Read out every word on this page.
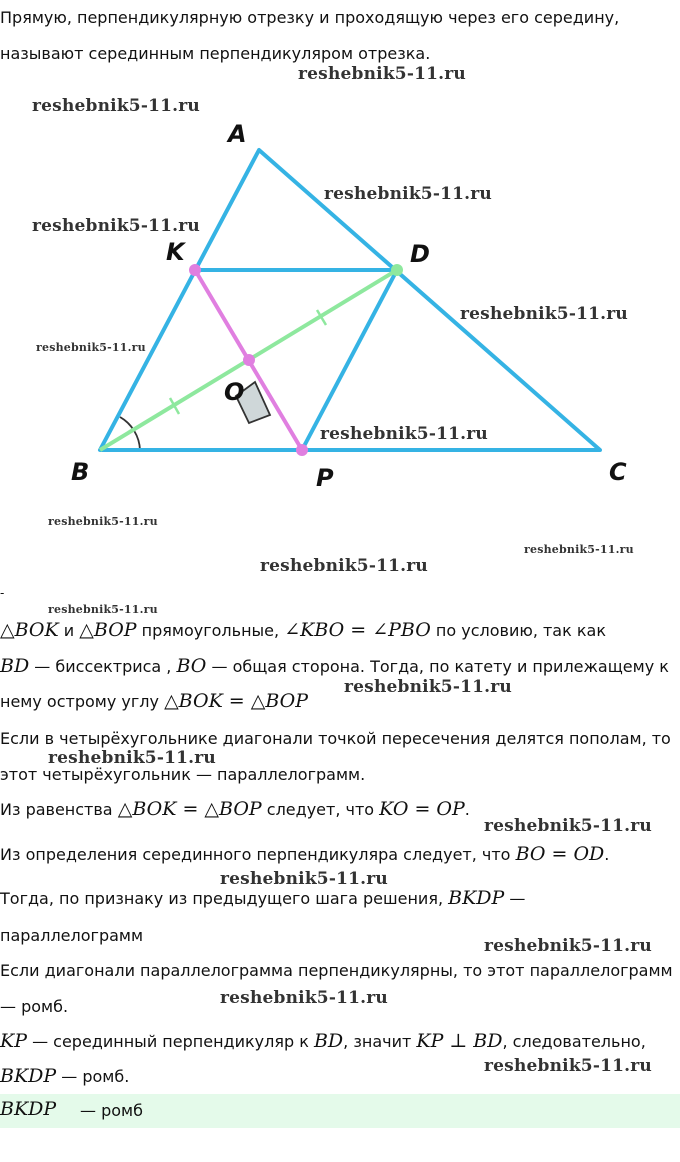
Прямую, перпендикулярную отрезку и проходящую через его середину,
называют серединным перпендикуляром отрезка.
A
K	D
O
B	P	C
reshebnik5-11.ru
reshebnik5-11.ru
reshebnik5-11.ru
reshebnik5-11.ru
reshebnik5-11.ru
reshebnik5-11.ru
reshebnik5-11.ru
reshebnik5-11.ru
reshebnik5-11.ru
reshebnik5-11.ru
reshebnik5-11.ru
reshebnik5-11.ru
reshebnik5-11.ru
reshebnik5-11.ru
reshebnik5-11.ru
reshebnik5-11.ru
reshebnik5-11.ru
reshebnik5-11.ru
-
△BOK и △BOP прямоугольные, ∠KBO = ∠PBO по условию, так как
BD — биссектриса , BO — общая сторона. Тогда, по катету и прилежащему к
нему острому углу △BOK = △BOP
Если в четырёхугольнике диагонали точкой пересечения делятся пополам, то
этот четырёхугольник — параллелограмм.
Из равенства △BOK = △BOP следует, что KO = OP.
Из определения серединного перпендикуляра следует, что BO = OD.
Тогда, по признаку из предыдущего шага решения, BKDP —
параллелограмм
Если диагонали параллелограмма перпендикулярны, то этот параллелограмм
— ромб.
KP — серединный перпендикуляр к BD, значит KP ⊥ BD, следовательно,
BKDP — ромб.
BKDP — ромб
